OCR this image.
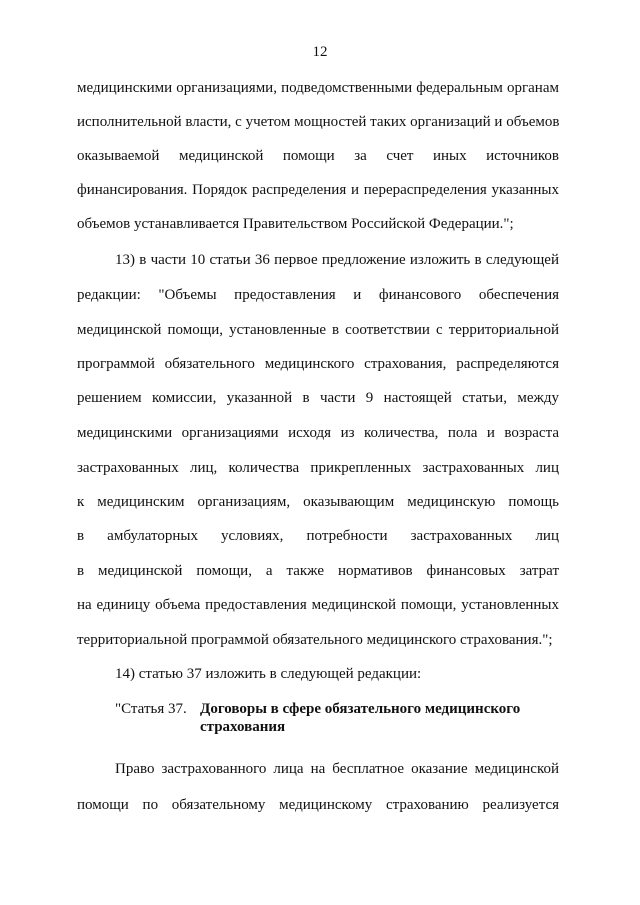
12
медицинскими организациями, подведомственными федеральным органам
исполнительной власти, с учетом мощностей таких организаций и объемов
оказываемой медицинской помощи за счет иных источников
финансирования. Порядок распределения и перераспределения указанных
объемов устанавливается Правительством Российской Федерации.";
13) в части 10 статьи 36 первое предложение изложить в следующей
редакции: "Объемы предоставления и финансового обеспечения
медицинской помощи, установленные в соответствии с территориальной
программой обязательного медицинского страхования, распределяются
решением комиссии, указанной в части 9 настоящей статьи, между
медицинскими организациями исходя из количества, пола и возраста
застрахованных лиц, количества прикрепленных застрахованных лиц
к медицинским организациям, оказывающим медицинскую помощь
в амбулаторных условиях, потребности застрахованных лиц
в медицинской помощи, а также нормативов финансовых затрат
на единицу объема предоставления медицинской помощи, установленных
территориальной программой обязательного медицинского страхования.";
14) статью 37 изложить в следующей редакции:
"Статья 37. Договоры в сфере обязательного медицинского страхования
Право застрахованного лица на бесплатное оказание медицинской
помощи по обязательному медицинскому страхованию реализуется
